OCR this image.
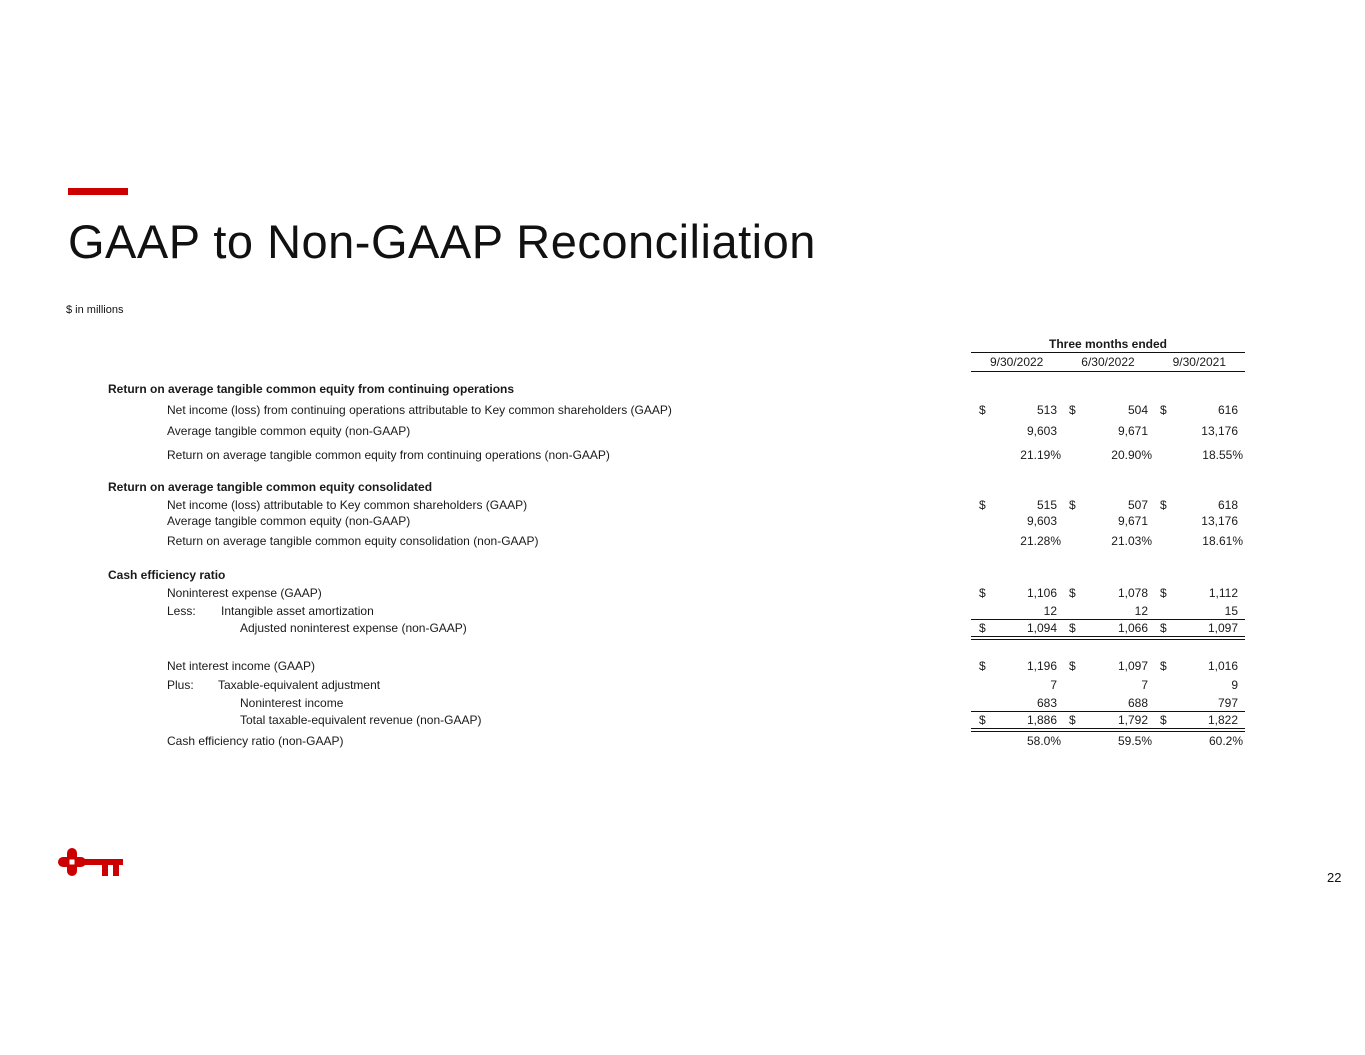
GAAP to Non-GAAP Reconciliation
$ in millions
Three months ended
9/30/2022	6/30/2022	9/30/2021
Return on average tangible common equity from continuing operations
Net income (loss) from continuing operations attributable to Key common shareholders (GAAP)	$	513 $	504 $	616
Average tangible common equity (non-GAAP)	9,603	9,671	13,176
Return on average tangible common equity from continuing operations (non-GAAP)	21.19%	20.90%	18.55%
Return on average tangible common equity consolidated
Net income (loss) attributable to Key common shareholders (GAAP)	$	515 $	507 $	618
Average tangible common equity (non-GAAP)	9,603	9,671	13,176
Return on average tangible common equity consolidation (non-GAAP)	21.28%	21.03%	18.61%
Cash efficiency ratio
Noninterest expense (GAAP)	$	1,106 $	1,078 $	1,112
Less: Intangible asset amortization	12	12	15
Adjusted noninterest expense (non-GAAP)	$	1,094 $	1,066 $	1,097
Net interest income (GAAP)	$	1,196 $	1,097 $	1,016
Plus: Taxable-equivalent adjustment	7	7	9
Noninterest income	683	688	797
Total taxable-equivalent revenue (non-GAAP)	$	1,886 $	1,792 $	1,822
Cash efficiency ratio (non-GAAP)	58.0%	59.5%	60.2%
22
